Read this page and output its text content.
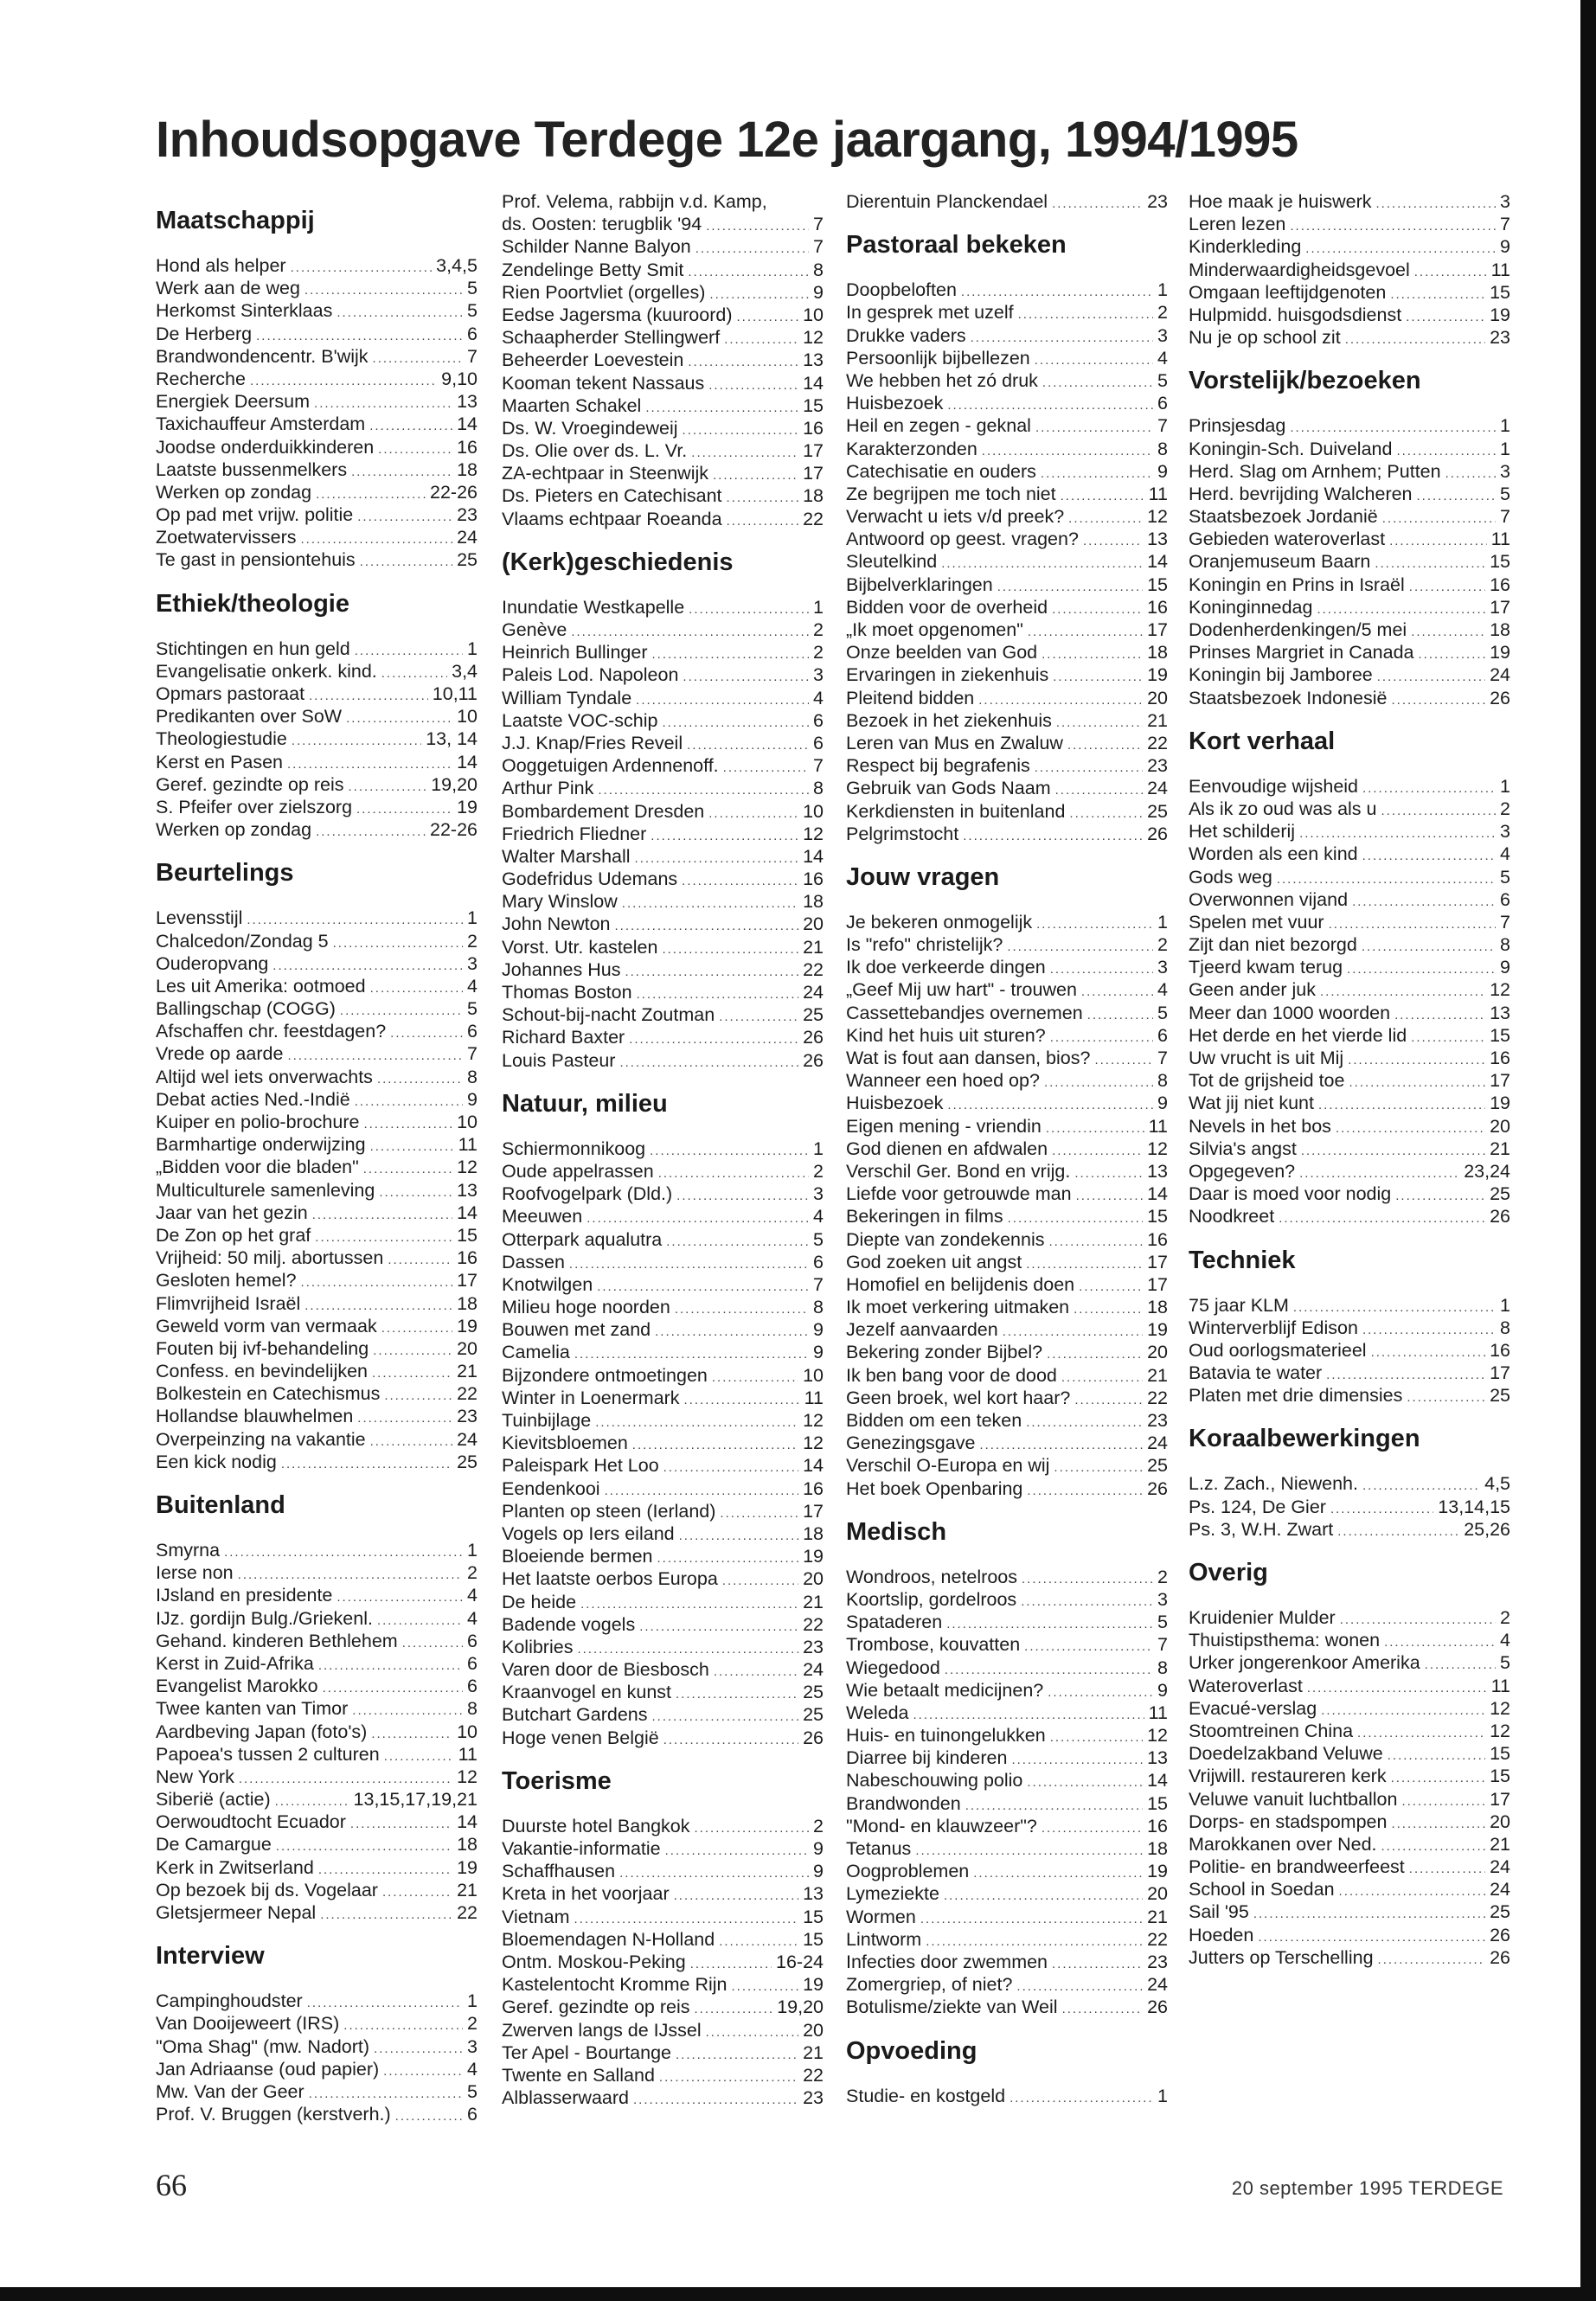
Inhoudsopgave Terdege 12e jaargang, 1994/1995
Maatschappij
Hond als helper .....	3,4,5
Werk aan de weg .....	5
Herkomst Sinterklaas .....	5
De Herberg .....	6
Brandwondencentr. B'wijk .....	7
Recherche .....	9,10
Energiek Deersum .....	13
Taxichauffeur Amsterdam .....	14
Joodse onderduikkinderen .....	16
Laatste bussenmelkers .....	18
Werken op zondag .....	22-26
Op pad met vrijw. politie .....	23
Zoetwatervissers .....	24
Te gast in pensiontehuis .....	25
Ethiek/theologie
Stichtingen en hun geld .....	1
Evangelisatie onkerk. kind. .....	3,4
Opmars pastoraat .....	10,11
Predikanten over SoW .....	10
Theologiestudie .....	13, 14
Kerst en Pasen .....	14
Geref. gezindte op reis .....	19,20
S. Pfeifer over zielszorg .....	19
Werken op zondag .....	22-26
Beurtelings
Levensstijl .....	1
Chalcedon/Zondag 5 .....	2
Ouderopvang .....	3
Les uit Amerika: ootmoed .....	4
Ballingschap (COGG) .....	5
Afschaffen chr. feestdagen? .....	6
Vrede op aarde .....	7
Altijd wel iets onverwachts .....	8
Debat acties Ned.-Indië .....	9
Kuiper en polio-brochure .....	10
Barmhartige onderwijzing .....	11
„Bidden voor die bladen" .....	12
Multiculturele samenleving .....	13
Jaar van het gezin .....	14
De Zon op het graf .....	15
Vrijheid: 50 milj. abortussen .....	16
Gesloten hemel? .....	17
Flimvrijheid Israël .....	18
Geweld vorm van vermaak .....	19
Fouten bij ivf-behandeling .....	20
Confess. en bevindelijken .....	21
Bolkestein en Catechismus .....	22
Hollandse blauwhelmen .....	23
Overpeinzing na vakantie .....	24
Een kick nodig .....	25
Buitenland
Smyrna .....	1
Ierse non .....	2
IJsland en presidente .....	4
IJz. gordijn Bulg./Griekenl. .....	4
Gehand. kinderen Bethlehem .....	6
Kerst in Zuid-Afrika .....	6
Evangelist Marokko .....	6
Twee kanten van Timor .....	8
Aardbeving Japan (foto's) .....	10
Papoea's tussen 2 culturen .....	11
New York .....	12
Siberië (actie) .....	13,15,17,19,21
Oerwoudtocht Ecuador .....	14
De Camargue .....	18
Kerk in Zwitserland .....	19
Op bezoek bij ds. Vogelaar .....	21
Gletsjermeer Nepal .....	22
Interview
Campinghoudster .....	1
Van Dooijeweert (IRS) .....	2
"Oma Shag" (mw. Nadort) .....	3
Jan Adriaanse (oud papier) .....	4
Mw. Van der Geer .....	5
Prof. V. Bruggen (kerstverh.) .....	6
Prof. Velema, rabbijn v.d. Kamp,
ds. Oosten: terugblik '94 .....	7
Schilder Nanne Balyon .....	7
Zendelinge Betty Smit .....	8
Rien Poortvliet (orgelles) .....	9
Eedse Jagersma (kuuroord) .....	10
Schaapherder Stellingwerf .....	12
Beheerder Loevestein .....	13
Kooman tekent Nassaus .....	14
Maarten Schakel .....	15
Ds. W. Vroegindeweij .....	16
Ds. Olie over ds. L. Vr. .....	17
ZA-echtpaar in Steenwijk .....	17
Ds. Pieters en Catechisant .....	18
Vlaams echtpaar Roeanda .....	22
(Kerk)geschiedenis
Inundatie Westkapelle .....	1
Genève .....	2
Heinrich Bullinger .....	2
Paleis Lod. Napoleon .....	3
William Tyndale .....	4
Laatste VOC-schip .....	6
J.J. Knap/Fries Reveil .....	6
Ooggetuigen Ardennenoff. .....	7
Arthur Pink .....	8
Bombardement Dresden .....	10
Friedrich Fliedner .....	12
Walter Marshall .....	14
Godefridus Udemans .....	16
Mary Winslow .....	18
John Newton .....	20
Vorst. Utr. kastelen .....	21
Johannes Hus .....	22
Thomas Boston .....	24
Schout-bij-nacht Zoutman .....	25
Richard Baxter .....	26
Louis Pasteur .....	26
Natuur, milieu
Schiermonnikoog .....	1
Oude appelrassen .....	2
Roofvogelpark (Dld.) .....	3
Meeuwen .....	4
Otterpark aqualutra .....	5
Dassen .....	6
Knotwilgen .....	7
Milieu hoge noorden .....	8
Bouwen met zand .....	9
Camelia .....	9
Bijzondere ontmoetingen .....	10
Winter in Loenermark .....	11
Tuinbijlage .....	12
Kievitsbloemen .....	12
Paleispark Het Loo .....	14
Eendenkooi .....	16
Planten op steen (Ierland) .....	17
Vogels op Iers eiland .....	18
Bloeiende bermen .....	19
Het laatste oerbos Europa .....	20
De heide .....	21
Badende vogels .....	22
Kolibries .....	23
Varen door de Biesbosch .....	24
Kraanvogel en kunst .....	25
Butchart Gardens .....	25
Hoge venen België .....	26
Toerisme
Duurste hotel Bangkok .....	2
Vakantie-informatie .....	9
Schaffhausen .....	9
Kreta in het voorjaar .....	13
Vietnam .....	15
Bloemendagen N-Holland .....	15
Ontm. Moskou-Peking .....	16-24
Kastelentocht Kromme Rijn .....	19
Geref. gezindte op reis .....	19,20
Zwerven langs de IJssel .....	20
Ter Apel - Bourtange .....	21
Twente en Salland .....	22
Alblasserwaard .....	23
Dierentuin Planckendael .....	23
Pastoraal bekeken
Doopbeloften .....	1
In gesprek met uzelf .....	2
Drukke vaders .....	3
Persoonlijk bijbellezen .....	4
We hebben het zó druk .....	5
Huisbezoek .....	6
Heil en zegen - geknal .....	7
Karakterzonden .....	8
Catechisatie en ouders .....	9
Ze begrijpen me toch niet .....	11
Verwacht u iets v/d preek? .....	12
Antwoord op geest. vragen? .....	13
Sleutelkind .....	14
Bijbelverklaringen .....	15
Bidden voor de overheid .....	16
„Ik moet opgenomen" .....	17
Onze beelden van God .....	18
Ervaringen in ziekenhuis .....	19
Pleitend bidden .....	20
Bezoek in het ziekenhuis .....	21
Leren van Mus en Zwaluw .....	22
Respect bij begrafenis .....	23
Gebruik van Gods Naam .....	24
Kerkdiensten in buitenland .....	25
Pelgrimstocht .....	26
Jouw vragen
Je bekeren onmogelijk .....	1
Is "refo" christelijk? .....	2
Ik doe verkeerde dingen .....	3
„Geef Mij uw hart" - trouwen .....	4
Cassettebandjes overnemen .....	5
Kind het huis uit sturen? .....	6
Wat is fout aan dansen, bios? .....	7
Wanneer een hoed op? .....	8
Huisbezoek .....	9
Eigen mening - vriendin .....	11
God dienen en afdwalen .....	12
Verschil Ger. Bond en vrijg. .....	13
Liefde voor getrouwde man .....	14
Bekeringen in films .....	15
Diepte van zondekennis .....	16
God zoeken uit angst .....	17
Homofiel en belijdenis doen .....	17
Ik moet verkering uitmaken .....	18
Jezelf aanvaarden .....	19
Bekering zonder Bijbel? .....	20
Ik ben bang voor de dood .....	21
Geen broek, wel kort haar? .....	22
Bidden om een teken .....	23
Genezingsgave .....	24
Verschil O-Europa en wij .....	25
Het boek Openbaring .....	26
Medisch
Wondroos, netelroos .....	2
Koortslip, gordelroos .....	3
Spataderen .....	5
Trombose, kouvatten .....	7
Wiegedood .....	8
Wie betaalt medicijnen? .....	9
Weleda .....	11
Huis- en tuinongelukken .....	12
Diarree bij kinderen .....	13
Nabeschouwing polio .....	14
Brandwonden .....	15
"Mond- en klauwzeer"? .....	16
Tetanus .....	18
Oogproblemen .....	19
Lymeziekte .....	20
Wormen .....	21
Lintworm .....	22
Infecties door zwemmen .....	23
Zomergriep, of niet? .....	24
Botulisme/ziekte van Weil .....	26
Opvoeding
Studie- en kostgeld .....	1
Hoe maak je huiswerk .....	3
Leren lezen .....	7
Kinderkleding .....	9
Minderwaardigheidsgevoel .....	11
Omgaan leeftijdgenoten .....	15
Hulpmidd. huisgodsdienst .....	19
Nu je op school zit .....	23
Vorstelijk/bezoeken
Prinsjesdag .....	1
Koningin-Sch. Duiveland .....	1
Herd. Slag om Arnhem; Putten .....	3
Herd. bevrijding Walcheren .....	5
Staatsbezoek Jordanië .....	7
Gebieden wateroverlast .....	11
Oranjemuseum Baarn .....	15
Koningin en Prins in Israël .....	16
Koninginnedag .....	17
Dodenherdenkingen/5 mei .....	18
Prinses Margriet in Canada .....	19
Koningin bij Jamboree .....	24
Staatsbezoek Indonesië .....	26
Kort verhaal
Eenvoudige wijsheid .....	1
Als ik zo oud was als u .....	2
Het schilderij .....	3
Worden als een kind .....	4
Gods weg .....	5
Overwonnen vijand .....	6
Spelen met vuur .....	7
Zijt dan niet bezorgd .....	8
Tjeerd kwam terug .....	9
Geen ander juk .....	12
Meer dan 1000 woorden .....	13
Het derde en het vierde lid .....	15
Uw vrucht is uit Mij .....	16
Tot de grijsheid toe .....	17
Wat jij niet kunt .....	19
Nevels in het bos .....	20
Silvia's angst .....	21
Opgegeven? .....	23,24
Daar is moed voor nodig .....	25
Noodkreet .....	26
Techniek
75 jaar KLM .....	1
Winterverblijf Edison .....	8
Oud oorlogsmaterieel .....	16
Batavia te water .....	17
Platen met drie dimensies .....	25
Koraalbewerkingen
L.z. Zach., Niewenh. .....	4,5
Ps. 124, De Gier .....	13,14,15
Ps. 3, W.H. Zwart .....	25,26
Overig
Kruidenier Mulder .....	2
Thuistipsthema: wonen .....	4
Urker jongerenkoor Amerika .....	5
Wateroverlast .....	11
Evacué-verslag .....	12
Stoomtreinen China .....	12
Doedelzakband Veluwe .....	15
Vrijwill. restaureren kerk .....	15
Veluwe vanuit luchtballon .....	17
Dorps- en stadspompen .....	20
Marokkanen over Ned. .....	21
Politie- en brandweerfeest .....	24
School in Soedan .....	24
Sail '95 .....	25
Hoeden .....	26
Jutters op Terschelling .....	26
66	20 september 1995 TERDEGE
